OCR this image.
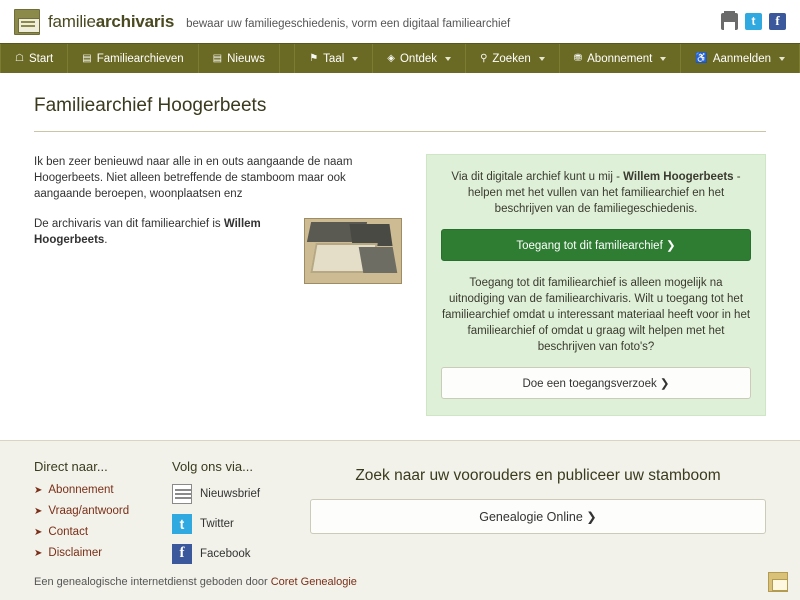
familiearchivaris bewaar uw familiegeschiedenis, vorm een digitaal familiearchief	t	f
☖ Start	▤ Familiearchieven	▤ Nieuws	⚑ Taal	◈ Ontdek	⚲ Zoeken	⛃ Abonnement	♿ Aanmelden
Familiearchief Hoogerbeets

Ik ben zeer benieuwd naar alle in en outs aangaande de naam Hoogerbeets. Niet alleen betreffende de stamboom maar ook aangaande beroepen, woonplaatsen enz

De archivaris van dit familiearchief is Willem Hoogerbeets.

Via dit digitale archief kunt u mij - Willem Hoogerbeets - helpen met het vullen van het familiearchief en het beschrijven van de familiegeschiedenis.

Toegang tot dit familiearchief ❯

Toegang tot dit familiearchief is alleen mogelijk na uitnodiging van de familiearchivaris. Wilt u toegang tot het familiearchief omdat u interessant materiaal heeft voor in het familiearchief of omdat u graag wilt helpen met het beschrijven van foto's?

Doe een toegangsverzoek ❯
Direct naar...
➤ Abonnement
➤ Vraag/antwoord
➤ Contact
➤ Disclaimer
Volg ons via...
Nieuwsbrief
t	Twitter
f	Facebook
Zoek naar uw voorouders en publiceer uw stamboom
Genealogie Online ❯
Een genealogische internetdienst geboden door Coret Genealogie
